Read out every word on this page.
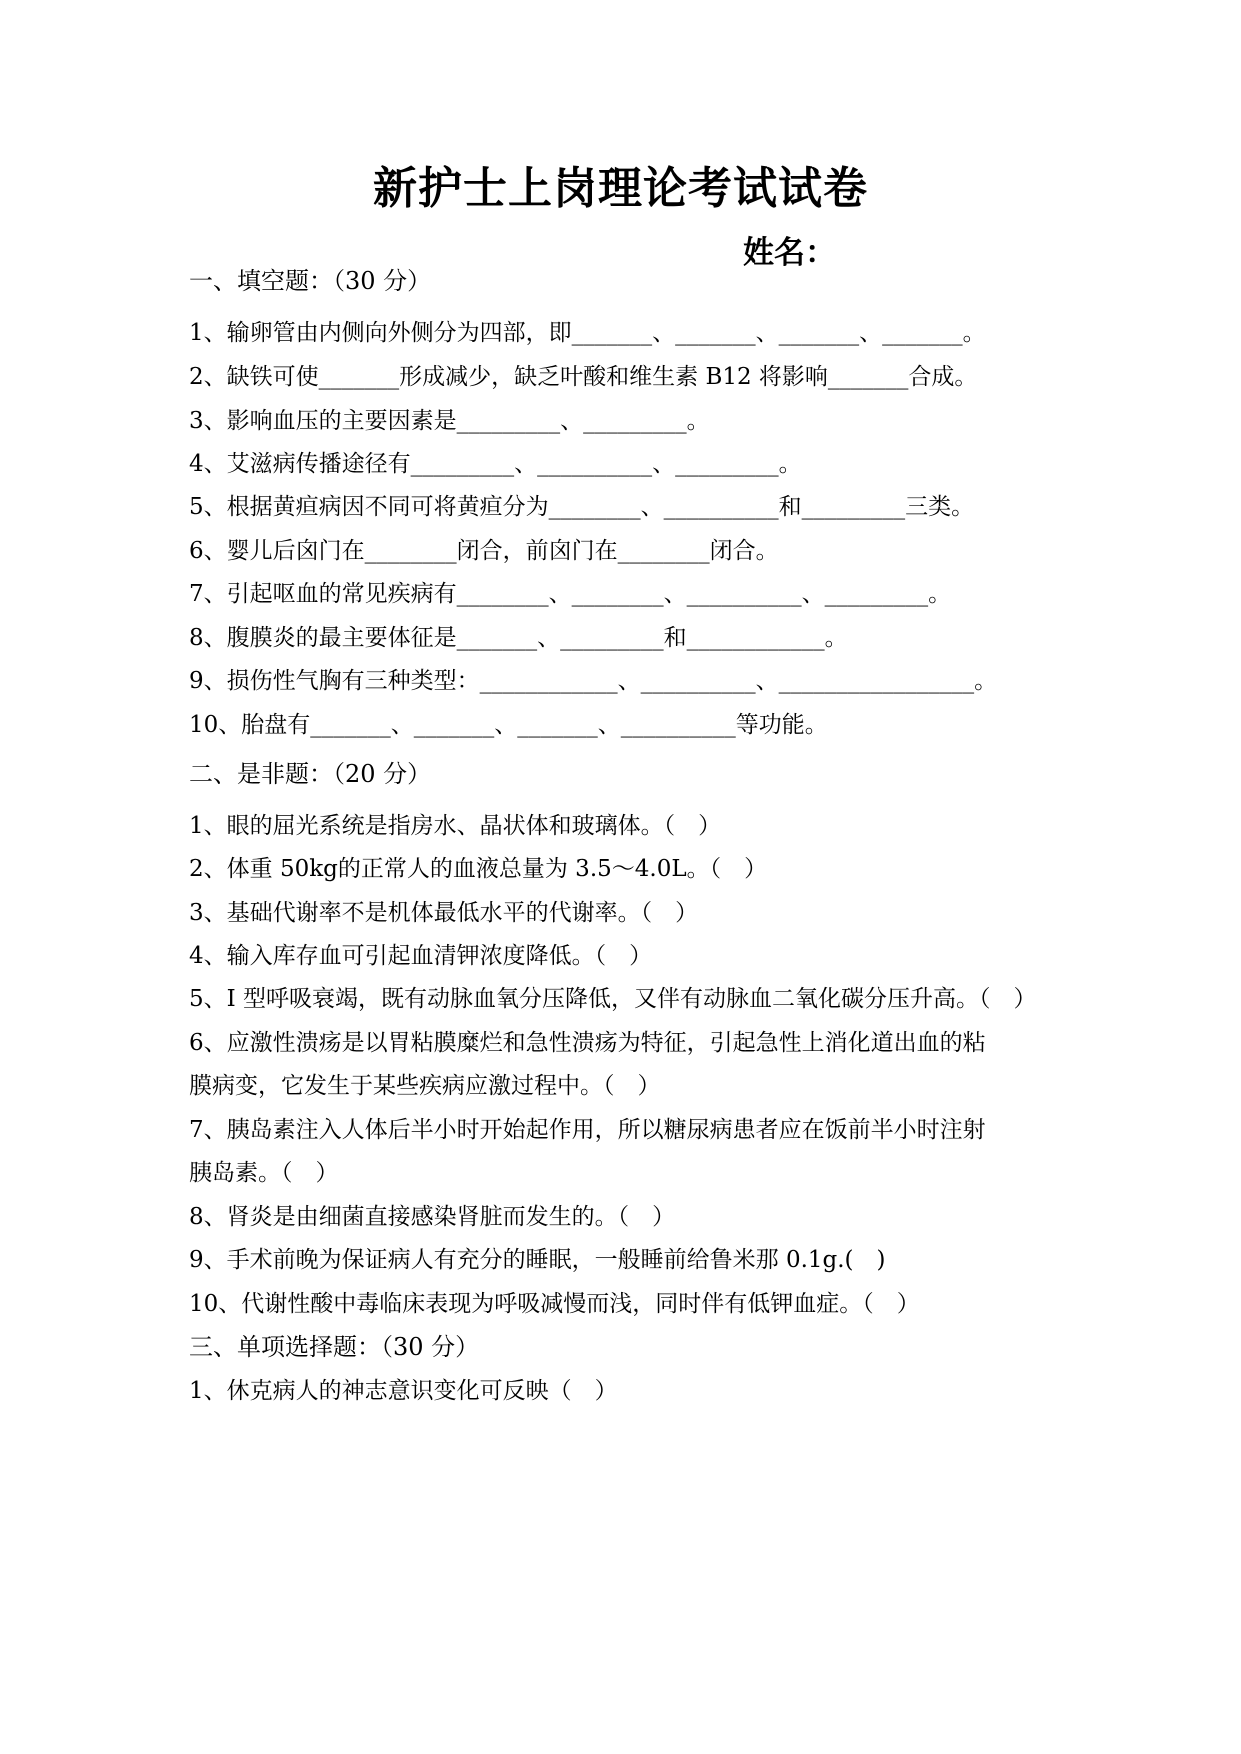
新护士上岗理论考试试卷
姓名：
一、填空题：（30 分）
1、输卵管由内侧向外侧分为四部，即_______、_______、_______、_______。
2、缺铁可使_______形成减少，缺乏叶酸和维生素 B12 将影响_______合成。
3、影响血压的主要因素是_________、_________。
4、艾滋病传播途径有_________、__________、_________。
5、根据黄疸病因不同可将黄疸分为________、__________和_________三类。
6、婴儿后囟门在________闭合，前囟门在________闭合。
7、引起呕血的常见疾病有________、________、__________、_________。
8、腹膜炎的最主要体征是_______、_________和____________。
9、损伤性气胸有三种类型：____________、__________、_________________。
10、胎盘有_______、_______、_______、__________等功能。
二、是非题：（20 分）
1、眼的屈光系统是指房水、晶状体和玻璃体。（　）
2、体重 50kg的正常人的血液总量为 3.5～4.0L。（　）
3、基础代谢率不是机体最低水平的代谢率。（　）
4、输入库存血可引起血清钾浓度降低。（　）
5、I 型呼吸衰竭，既有动脉血氧分压降低，又伴有动脉血二氧化碳分压升高。（　）
6、应激性溃疡是以胃粘膜糜烂和急性溃疡为特征，引起急性上消化道出血的粘
膜病变，它发生于某些疾病应激过程中。（　）
7、胰岛素注入人体后半小时开始起作用，所以糖尿病患者应在饭前半小时注射
胰岛素。（　）
8、肾炎是由细菌直接感染肾脏而发生的。（　）
9、手术前晚为保证病人有充分的睡眠，一般睡前给鲁米那 0.1g.(　)
10、代谢性酸中毒临床表现为呼吸减慢而浅，同时伴有低钾血症。（　）
三、单项选择题：（30 分）
1、休克病人的神志意识变化可反映（　）
